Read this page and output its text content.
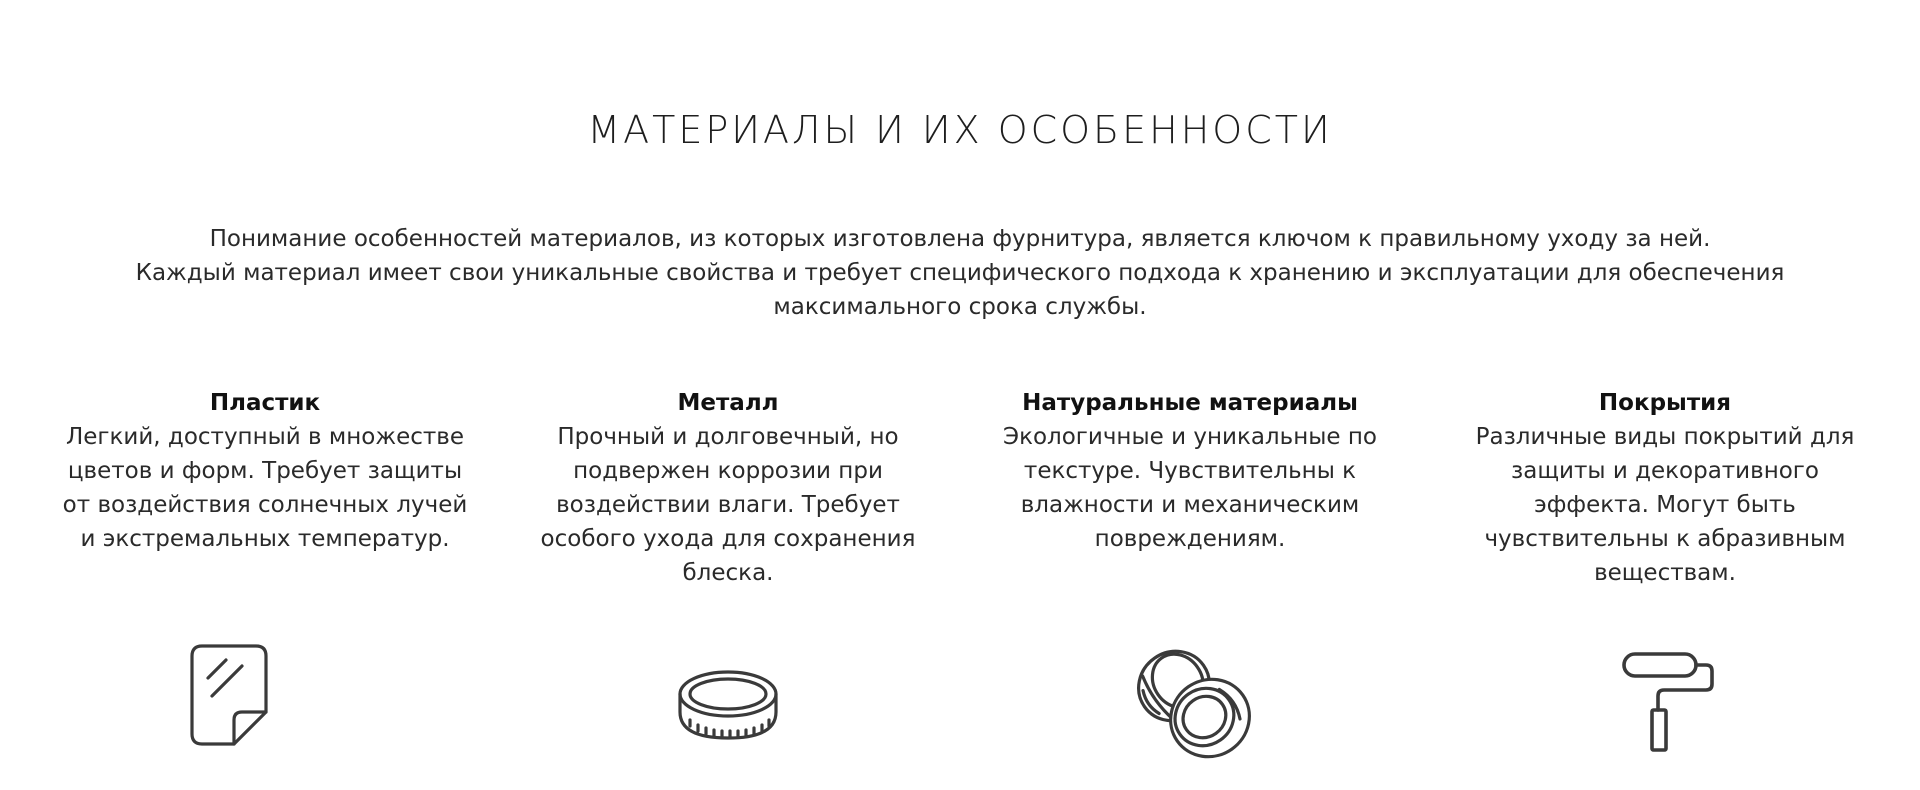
МАТЕРИАЛЫ И ИХ ОСОБЕННОСТИ
Понимание особенностей материалов, из которых изготовлена фурнитура, является ключом к правильному уходу за ней.
Каждый материал имеет свои уникальные свойства и требует специфического подхода к хранению и эксплуатации для обеспечения максимального срока службы.
Пластик
Легкий, доступный в множестве цветов и форм. Требует защиты от воздействия солнечных лучей и экстремальных температур.
Металл
Прочный и долговечный, но подвержен коррозии при воздействии влаги. Требует особого ухода для сохранения блеска.
Натуральные материалы
Экологичные и уникальные по текстуре. Чувствительны к влажности и механическим повреждениям.
Покрытия
Различные виды покрытий для защиты и декоративного эффекта. Могут быть чувствительны к абразивным веществам.
